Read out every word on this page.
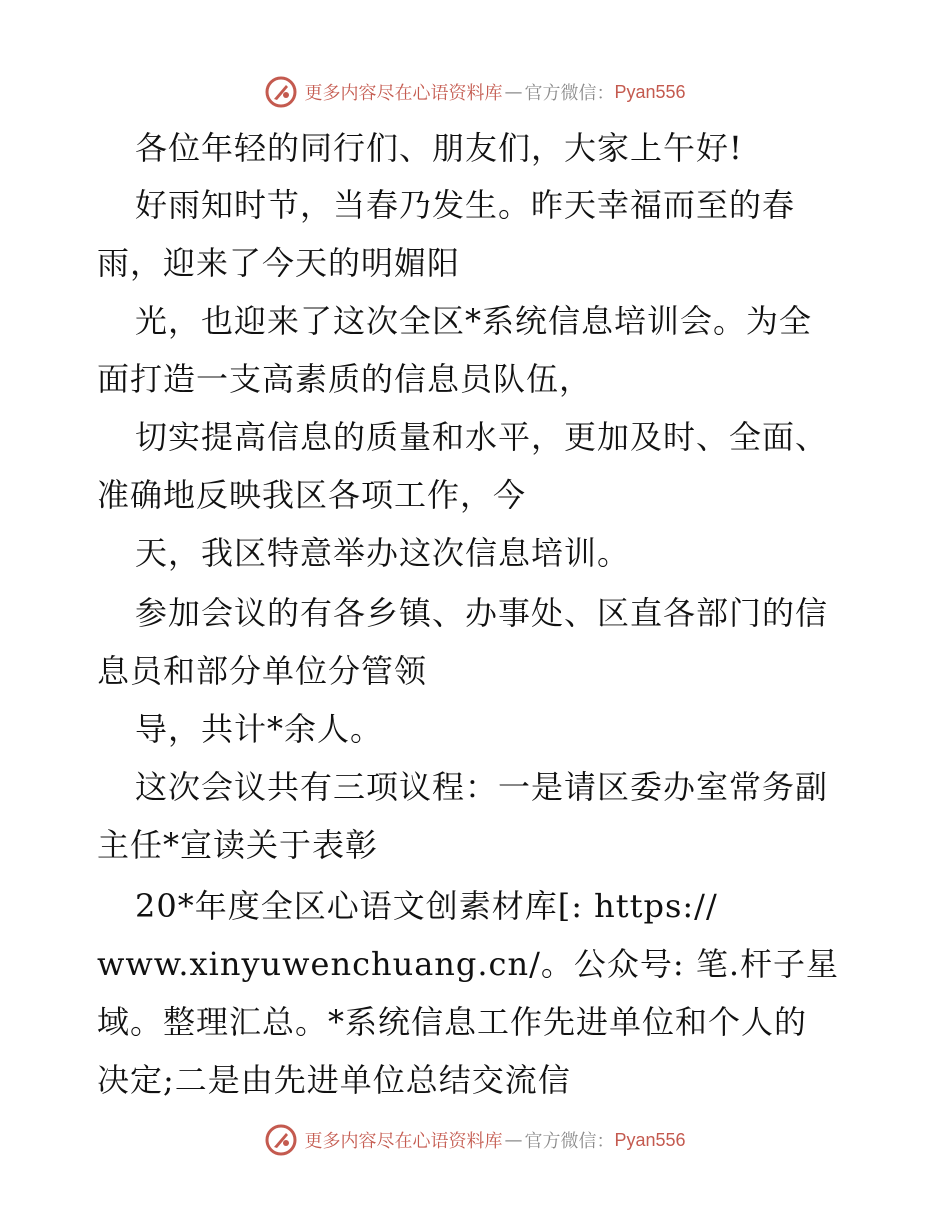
更多内容尽在心语资料库 — 官方微信： Pyan556
各位年轻的同行们、朋友们，大家上午好!
好雨知时节，当春乃发生。昨天幸福而至的春
雨，迎来了今天的明媚阳
光，也迎来了这次全区*系统信息培训会。为全
面打造一支高素质的信息员队伍，
切实提高信息的质量和水平，更加及时、全面、
准确地反映我区各项工作，今
天，我区特意举办这次信息培训。
参加会议的有各乡镇、办事处、区直各部门的信
息员和部分单位分管领
导，共计*余人。
这次会议共有三项议程：一是请区委办室常务副
主任*宣读关于表彰
20*年度全区心语文创素材库[: https://
www.xinyuwenchuang.cn/。公众号: 笔.杆子星
域。整理汇总。*系统信息工作先进单位和个人的
决定;二是由先进单位总结交流信
更多内容尽在心语资料库 — 官方微信： Pyan556
